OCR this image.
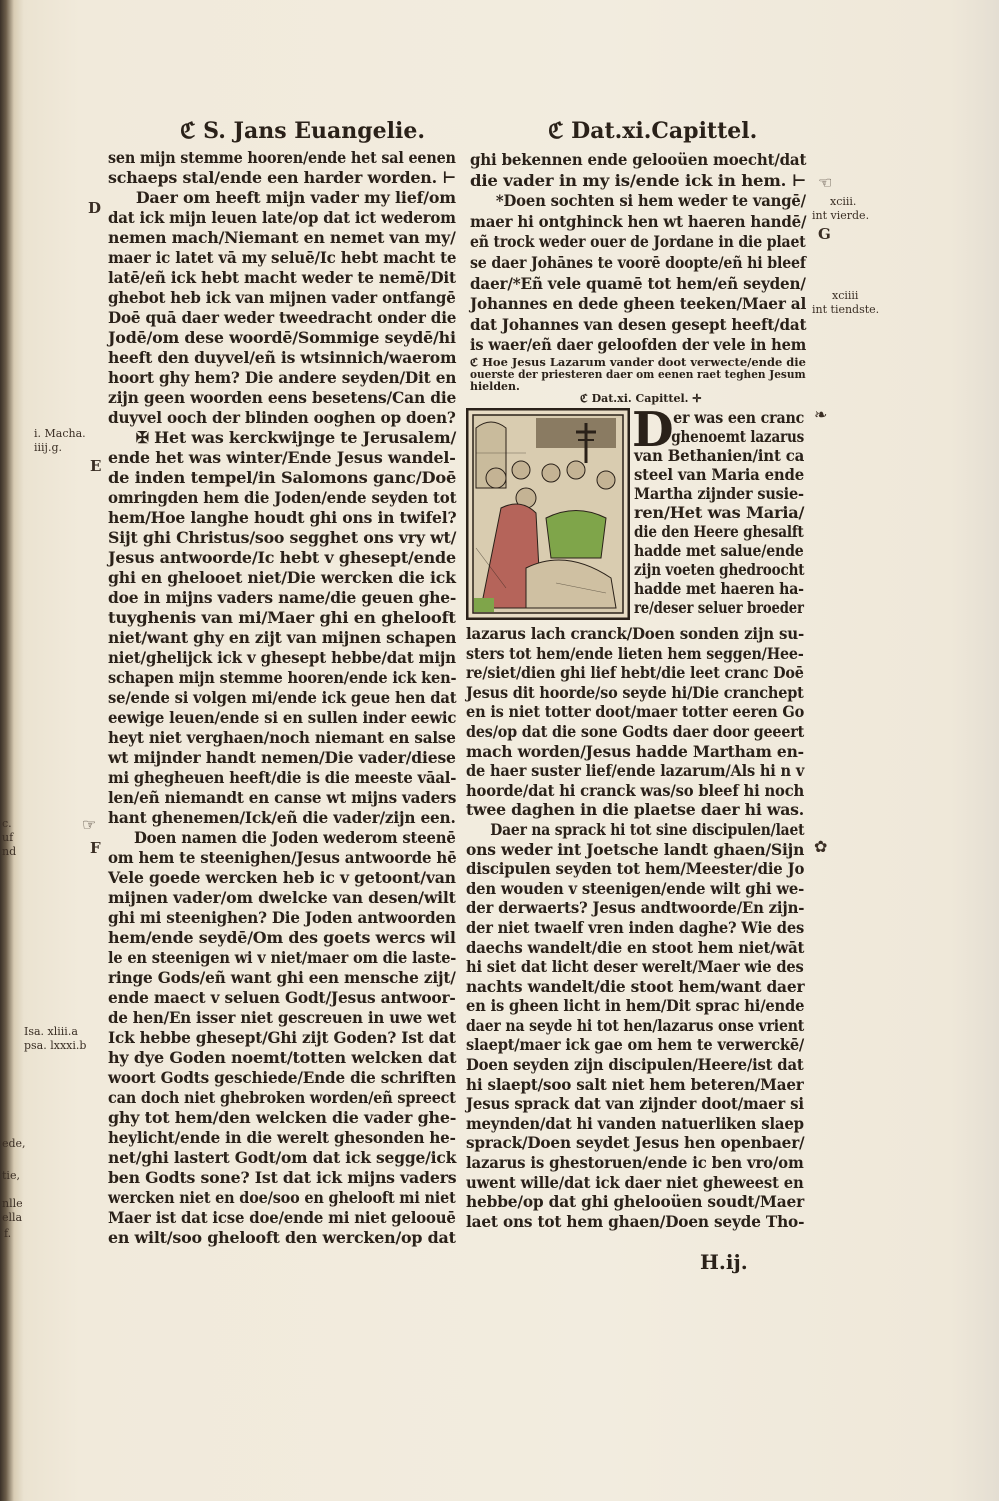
ℭ S. Jans Euangelie.	ℭ Dat.xi.Capittel.
sen mijn stemme hooren/ende het sal eenen
schaeps stal/ende een harder worden. ⊢
Daer om heeft mijn vader my lief/om
dat ick mijn leuen late/op dat ict wederom
nemen mach/Niemant en nemet van my/
maer ic latet vā my seluē/Ic hebt macht te
latē/eñ ick hebt macht weder te nemē/Dit
ghebot heb ick van mijnen vader ontfangē
Doē quā daer weder tweedracht onder die
Jodē/om dese woordē/Sommige seydē/hi
heeft den duyvel/eñ is wtsinnich/waerom
hoort ghy hem? Die andere seyden/Dit en
zijn geen woorden eens besetens/Can die
duyvel ooch der blinden ooghen op doen?
✠ Het was kerckwijnge te Jerusalem/
ende het was winter/Ende Jesus wandel-
de inden tempel/in Salomons ganc/Doē
omringden hem die Joden/ende seyden tot
hem/Hoe langhe houdt ghi ons in twifel?
Sijt ghi Christus/soo segghet ons vry wt/
Jesus antwoorde/Ic hebt v ghesept/ende
ghi en ghelooet niet/Die wercken die ick
doe in mijns vaders name/die geuen ghe-
tuyghenis van mi/Maer ghi en ghelooft
niet/want ghy en zijt van mijnen schapen
niet/ghelijck ick v ghesept hebbe/dat mijn
schapen mijn stemme hooren/ende ick ken-
se/ende si volgen mi/ende ick geue hen dat
eewige leuen/ende si en sullen inder eewic
heyt niet verghaen/noch niemant en salse
wt mijnder handt nemen/Die vader/diese
mi ghegheuen heeft/die is die meeste vāal-
len/eñ niemandt en canse wt mijns vaders
hant ghenemen/Ick/eñ die vader/zijn een.
Doen namen die Joden wederom steenē
om hem te steenighen/Jesus antwoorde hē
Vele goede wercken heb ic v getoont/van
mijnen vader/om dwelcke van desen/wilt
ghi mi steenighen? Die Joden antwoorden
hem/ende seydē/Om des goets wercs wil
le en steenigen wi v niet/maer om die laste-
ringe Gods/eñ want ghi een mensche zijt/
ende maect v seluen Godt/Jesus antwoor-
de hen/En isser niet gescreuen in uwe wet
Ick hebbe ghesept/Ghi zijt Goden? Ist dat
hy dye Goden noemt/totten welcken dat
woort Godts geschiede/Ende die schriften
can doch niet ghebroken worden/eñ spreect
ghy tot hem/den welcken die vader ghe-
heylicht/ende in die werelt ghesonden he-
net/ghi lastert Godt/om dat ick segge/ick
ben Godts sone? Ist dat ick mijns vaders
wercken niet en doe/soo en ghelooft mi niet
Maer ist dat icse doe/ende mi niet geloouē
en wilt/soo ghelooft den wercken/op dat
ghi bekennen ende gelooüen moecht/dat
die vader in my is/ende ick in hem. ⊢
*Doen sochten si hem weder te vangē/
maer hi ontghinck hen wt haeren handē/
eñ trock weder ouer de Jordane in die plaet
se daer Johānes te voorē doopte/eñ hi bleef
daer/*Eñ vele quamē tot hem/eñ seyden/
Johannes en dede gheen teeken/Maer al
dat Johannes van desen gesept heeft/dat
is waer/eñ daer geloofden der vele in hem
ℭ Hoe Jesus Lazarum vander doot verwecte/ende die
ouerste der priesteren daer om eenen raet teghen Jesum
hielden.
ℭ Dat.xi. Capittel. ✛
D er was een cranc
ghenoemt lazarus
van Bethanien/int ca
steel van Maria ende
Martha zijnder susie-
ren/Het was Maria/
die den Heere ghesalft
hadde met salue/ende
zijn voeten ghedroocht
hadde met haeren ha-
re/deser seluer broeder
lazarus lach cranck/Doen sonden zijn su-
sters tot hem/ende lieten hem seggen/Hee-
re/siet/dien ghi lief hebt/die leet cranc Doē
Jesus dit hoorde/so seyde hi/Die cranchept
en is niet totter doot/maer totter eeren Go
des/op dat die sone Godts daer door geeert
mach worden/Jesus hadde Martham en-
de haer suster lief/ende lazarum/Als hi n v
hoorde/dat hi cranck was/so bleef hi noch
twee daghen in die plaetse daer hi was.
Daer na sprack hi tot sine discipulen/laet
ons weder int Joetsche landt ghaen/Sijn
discipulen seyden tot hem/Meester/die Jo
den wouden v steenigen/ende wilt ghi we-
der derwaerts? Jesus andtwoorde/En zijn-
der niet twaelf vren inden daghe? Wie des
daechs wandelt/die en stoot hem niet/wāt
hi siet dat licht deser werelt/Maer wie des
nachts wandelt/die stoot hem/want daer
en is gheen licht in hem/Dit sprac hi/ende
daer na seyde hi tot hen/lazarus onse vrient
slaept/maer ick gae om hem te verwerckē/
Doen seyden zijn discipulen/Heere/ist dat
hi slaept/soo salt niet hem beteren/Maer
Jesus sprack dat van zijnder doot/maer si
meynden/dat hi vanden natuerliken slaep
sprack/Doen seydet Jesus hen openbaer/
lazarus is ghestoruen/ende ic ben vro/om
uwent wille/dat ick daer niet gheweest en
hebbe/op dat ghi ghelooüen soudt/Maer
laet ons tot hem ghaen/Doen seyde Tho-
i. Macha.
iiij.g.
Isa. xliii.a
psa. lxxxi.b
D
E
F
☞
☜
xciii.
int vierde.
G
xciiii
int tiendste.
❧
✿
H.ij.
c.
uf
nd
ede,
tie,
nlle
ella
f.
